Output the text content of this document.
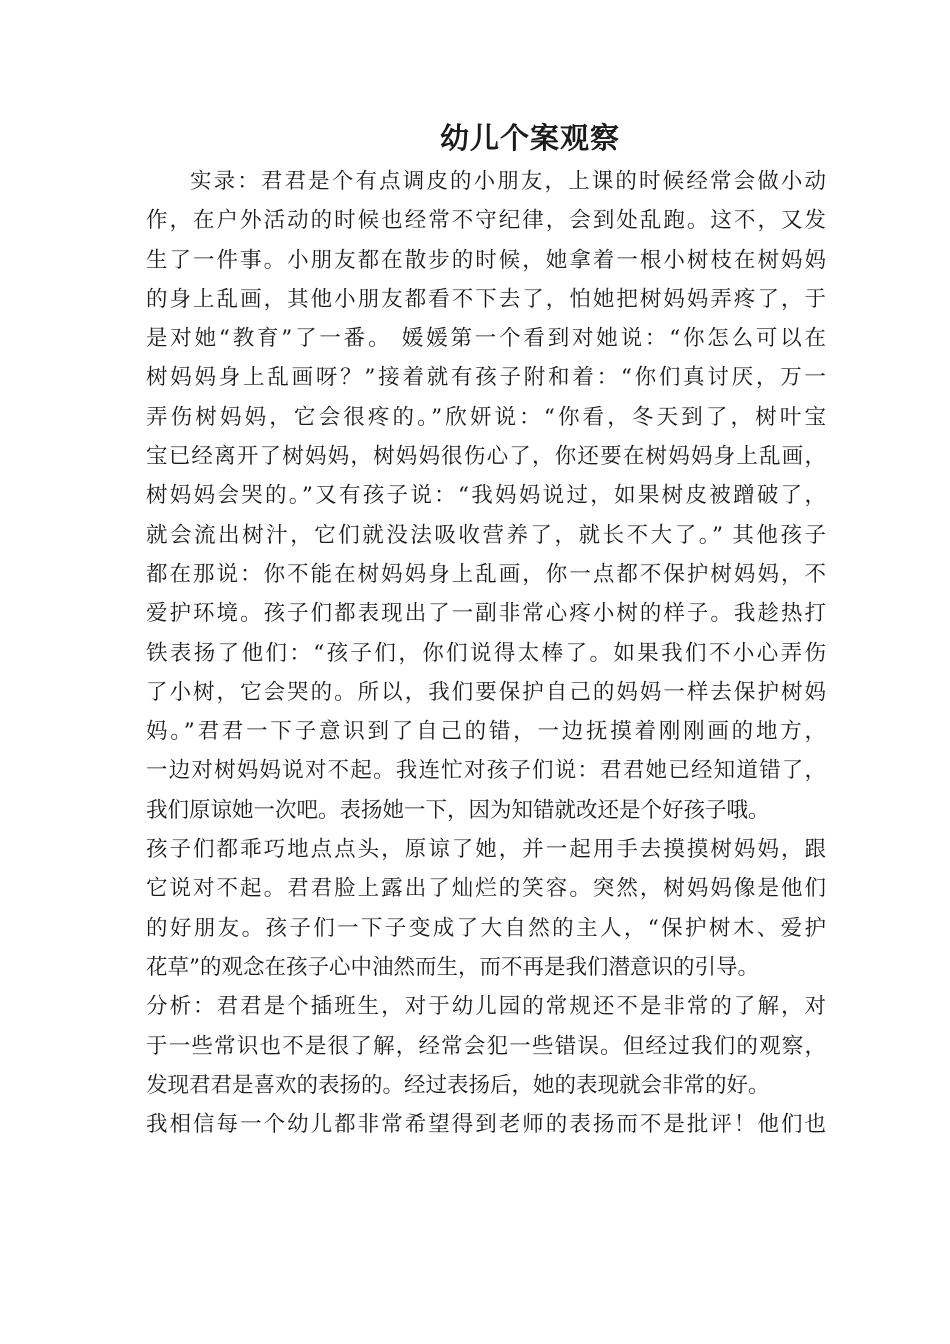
幼儿个案观察
实录：君君是个有点调皮的小朋友，上课的时候经常会做小动
作，在户外活动的时候也经常不守纪律，会到处乱跑。这不，又发
生了一件事。小朋友都在散步的时候，她拿着一根小树枝在树妈妈
的身上乱画，其他小朋友都看不下去了，怕她把树妈妈弄疼了，于
是对她“教育”了一番。 媛媛第一个看到对她说：“你怎么可以在
树妈妈身上乱画呀？”接着就有孩子附和着：“你们真讨厌，万一
弄伤树妈妈，它会很疼的。”欣妍说：“你看，冬天到了，树叶宝
宝已经离开了树妈妈，树妈妈很伤心了，你还要在树妈妈身上乱画，
树妈妈会哭的。”又有孩子说：“我妈妈说过，如果树皮被蹭破了，
就会流出树汁，它们就没法吸收营养了，就长不大了。” 其他孩子
都在那说：你不能在树妈妈身上乱画，你一点都不保护树妈妈，不
爱护环境。孩子们都表现出了一副非常心疼小树的样子。我趁热打
铁表扬了他们：“孩子们，你们说得太棒了。如果我们不小心弄伤
了小树，它会哭的。所以，我们要保护自己的妈妈一样去保护树妈
妈。”君君一下子意识到了自己的错，一边抚摸着刚刚画的地方，
一边对树妈妈说对不起。我连忙对孩子们说：君君她已经知道错了，
我们原谅她一次吧。表扬她一下，因为知错就改还是个好孩子哦。
孩子们都乖巧地点点头，原谅了她，并一起用手去摸摸树妈妈，跟
它说对不起。君君脸上露出了灿烂的笑容。突然，树妈妈像是他们
的好朋友。孩子们一下子变成了大自然的主人，“保护树木、爱护
花草”的观念在孩子心中油然而生，而不再是我们潜意识的引导。
分析：君君是个插班生，对于幼儿园的常规还不是非常的了解，对
于一些常识也不是很了解，经常会犯一些错误。但经过我们的观察，
发现君君是喜欢的表扬的。经过表扬后，她的表现就会非常的好。
我相信每一个幼儿都非常希望得到老师的表扬而不是批评！他们也
